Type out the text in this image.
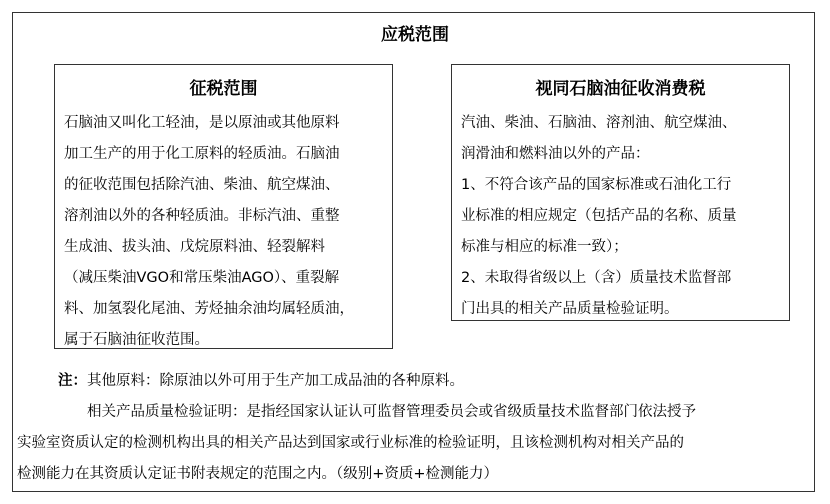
应税范围
征税范围
石脑油又叫化工轻油，是以原油或其他原料
加工生产的用于化工原料的轻质油。石脑油
的征收范围包括除汽油、柴油、航空煤油、
溶剂油以外的各种轻质油。非标汽油、重整
生成油、拔头油、戊烷原料油、轻裂解料
（减压柴油VGO和常压柴油AGO）、重裂解
料、加氢裂化尾油、芳烃抽余油均属轻质油，
属于石脑油征收范围。
视同石脑油征收消费税
汽油、柴油、石脑油、溶剂油、航空煤油、
润滑油和燃料油以外的产品：
1、不符合该产品的国家标准或石油化工行
业标准的相应规定（包括产品的名称、质量
标准与相应的标准一致）；
2、未取得省级以上（含）质量技术监督部
门出具的相关产品质量检验证明。
注：其他原料：除原油以外可用于生产加工成品油的各种原料。
相关产品质量检验证明：是指经国家认证认可监督管理委员会或省级质量技术监督部门依法授予
实验室资质认定的检测机构出具的相关产品达到国家或行业标准的检验证明，且该检测机构对相关产品的
检测能力在其资质认定证书附表规定的范围之内。（级别+资质+检测能力）
